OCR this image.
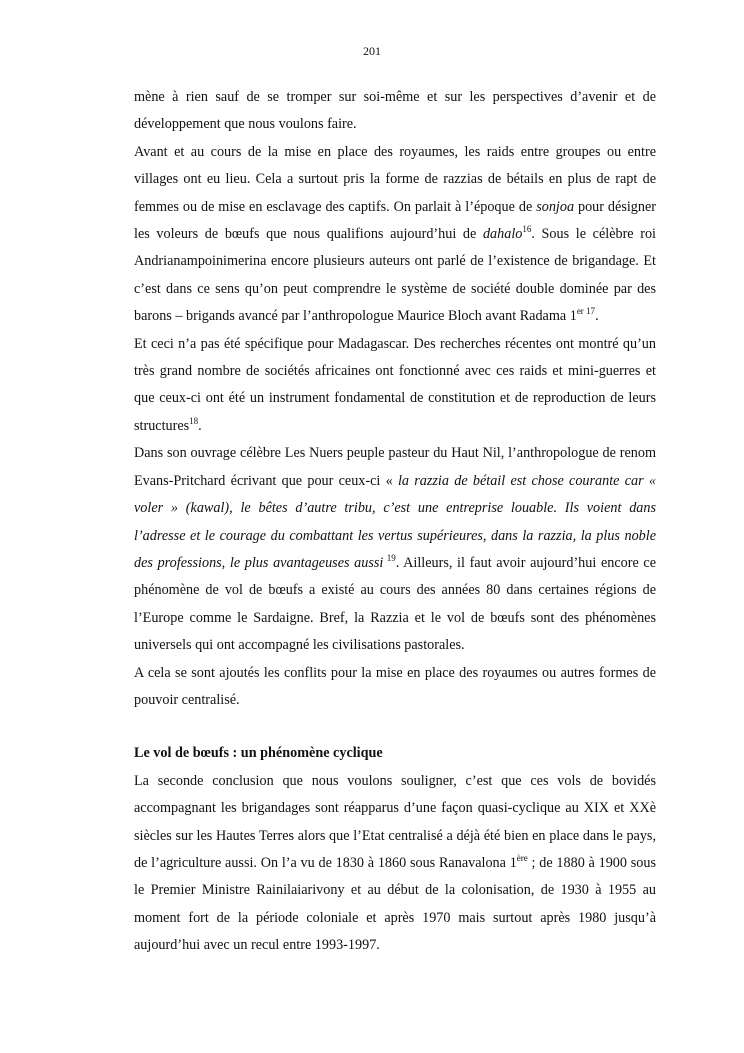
201

mène à rien sauf de se tromper sur soi-même et sur les perspectives d’avenir et de développement que nous voulons faire.

Avant et au cours de la mise en place des royaumes, les raids entre groupes ou entre villages ont eu lieu. Cela a surtout pris la forme de razzias de bétails en plus de rapt de femmes ou de mise en esclavage des captifs. On parlait à l’époque de sonjoa pour désigner les voleurs de bœufs que nous qualifions aujourd’hui de dahalo$^{16}$. Sous le célèbre roi Andrianampoinimerina encore plusieurs auteurs ont parlé de l’existence de brigandage. Et c’est dans ce sens qu’on peut comprendre le système de société double dominée par des barons – brigands avancé par l’anthropologue Maurice Bloch avant Radama $1^{er 17}$.

Et ceci n’a pas été spécifique pour Madagascar. Des recherches récentes ont montré qu’un très grand nombre de sociétés africaines ont fonctionné avec ces raids et mini-guerres et que ceux-ci ont été un instrument fondamental de constitution et de reproduction de leurs structures$^{18}$.

Dans son ouvrage célèbre Les Nuers peuple pasteur du Haut Nil, l’anthropologue de renom Evans-Pritchard écrivant que pour ceux-ci « la razzia de bétail est chose courante car « voler » (kawal), le bêtes d’autre tribu, c’est une entreprise louable. Ils voient dans l’adresse et le courage du combattant les vertus supérieures, dans la razzia, la plus noble des professions, le plus avantageuses aussi $^{19}$. Ailleurs, il faut avoir aujourd’hui encore ce phénomène de vol de bœufs a existé au cours des années 80 dans certaines régions de l’Europe comme le Sardaigne. Bref, la Razzia et le vol de bœufs sont des phénomènes universels qui ont accompagné les civilisations pastorales.

A cela se sont ajoutés les conflits pour la mise en place des royaumes ou autres formes de pouvoir centralisé.

Le vol de bœufs : un phénomène cyclique

La seconde conclusion que nous voulons souligner, c’est que ces vols de bovidés accompagnant les brigandages sont réapparus d’une façon quasi-cyclique au XIX et XXè siècles sur les Hautes Terres alors que l’Etat centralisé a déjà été bien en place dans le pays, de l’agriculture aussi. On l’a vu de 1830 à 1860 sous Ranavalona 1ère ; de 1880 à 1900 sous le Premier Ministre Rainilaiarivony et au début de la colonisation, de 1930 à 1955 au moment fort de la période coloniale et après 1970 mais surtout après 1980 jusqu’à aujourd’hui avec un recul entre 1993-1997.
